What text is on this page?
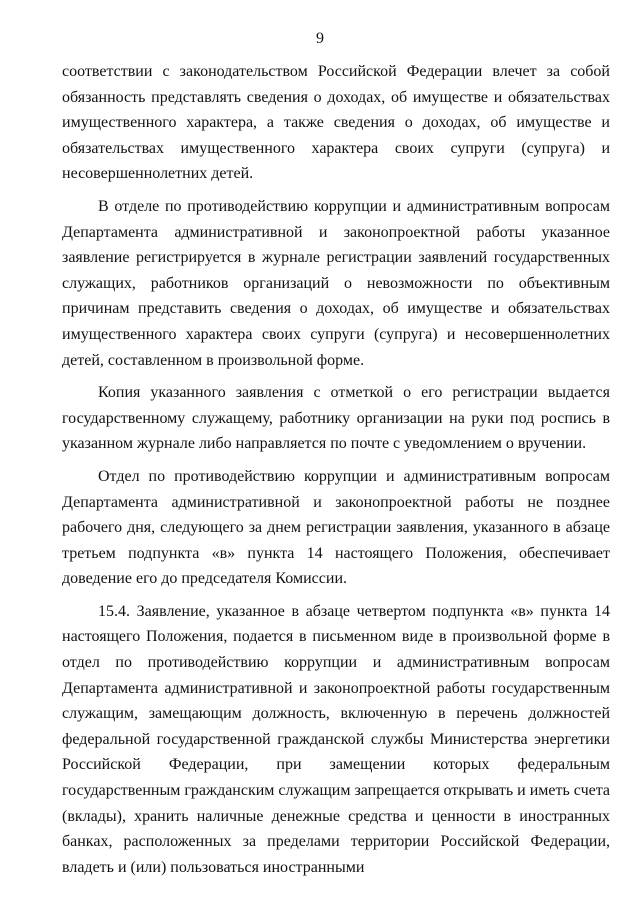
9

соответствии с законодательством Российской Федерации влечет за собой обязанность представлять сведения о доходах, об имуществе и обязательствах имущественного характера, а также сведения о доходах, об имуществе и обязательствах имущественного характера своих супруги (супруга) и несовершеннолетних детей.

В отделе по противодействию коррупции и административным вопросам Департамента административной и законопроектной работы указанное заявление регистрируется в журнале регистрации заявлений государственных служащих, работников организаций о невозможности по объективным причинам представить сведения о доходах, об имуществе и обязательствах имущественного характера своих супруги (супруга) и несовершеннолетних детей, составленном в произвольной форме.

Копия указанного заявления с отметкой о его регистрации выдается государственному служащему, работнику организации на руки под роспись в указанном журнале либо направляется по почте с уведомлением о вручении.

Отдел по противодействию коррупции и административным вопросам Департамента административной и законопроектной работы не позднее рабочего дня, следующего за днем регистрации заявления, указанного в абзаце третьем подпункта «в» пункта 14 настоящего Положения, обеспечивает доведение его до председателя Комиссии.

15.4. Заявление, указанное в абзаце четвертом подпункта «в» пункта 14 настоящего Положения, подается в письменном виде в произвольной форме в отдел по противодействию коррупции и административным вопросам Департамента административной и законопроектной работы государственным служащим, замещающим должность, включенную в перечень должностей федеральной государственной гражданской службы Министерства энергетики Российской Федерации, при замещении которых федеральным государственным гражданским служащим запрещается открывать и иметь счета (вклады), хранить наличные денежные средства и ценности в иностранных банках, расположенных за пределами территории Российской Федерации, владеть и (или) пользоваться иностранными
